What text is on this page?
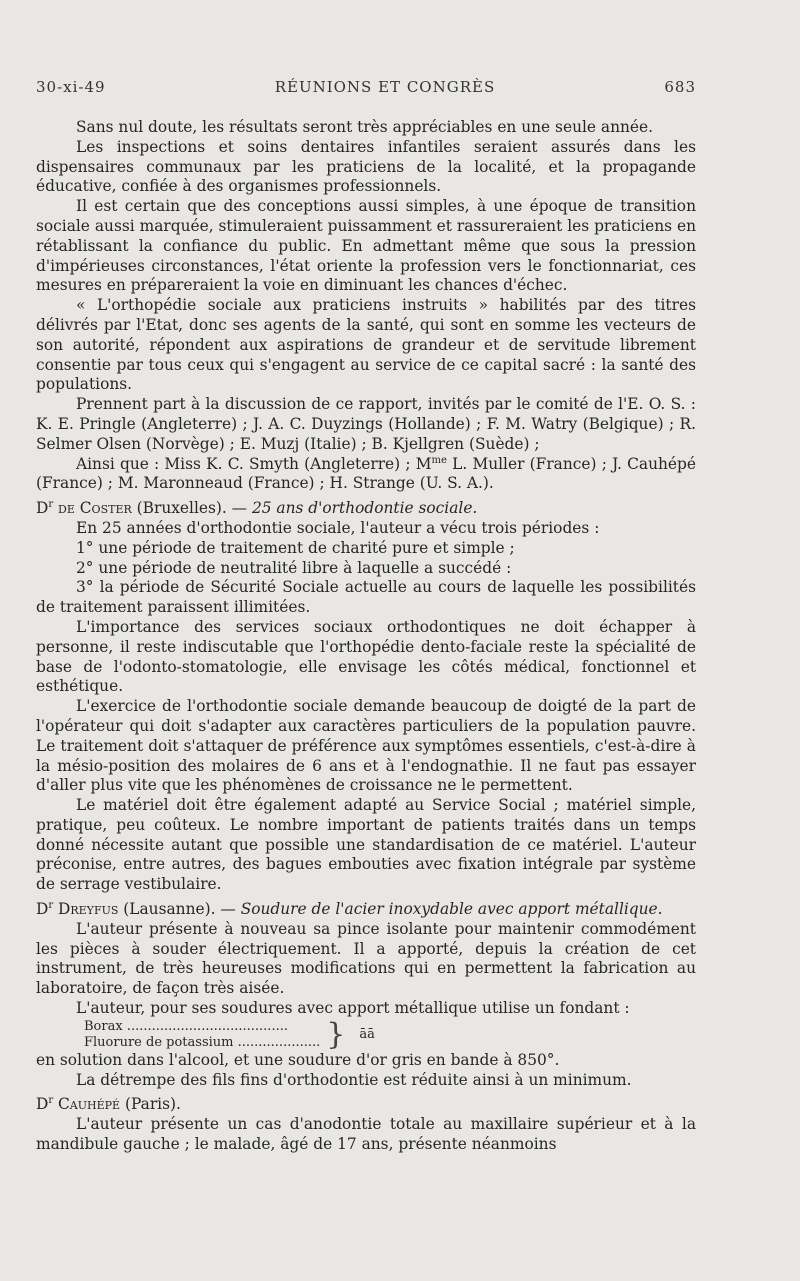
30-xi-49	RÉUNIONS ET CONGRÈS	683

Sans nul doute, les résultats seront très appréciables en une seule année.

Les inspections et soins dentaires infantiles seraient assurés dans les dispensaires communaux par les praticiens de la localité, et la propagande éducative, confiée à des organismes professionnels.

Il est certain que des conceptions aussi simples, à une époque de transition sociale aussi marquée, stimuleraient puissamment et rassureraient les praticiens en rétablissant la confiance du public. En admettant même que sous la pression d'impérieuses circonstances, l'état oriente la profession vers le fonctionnariat, ces mesures en prépareraient la voie en diminuant les chances d'échec.

« L'orthopédie sociale aux praticiens instruits » habilités par des titres délivrés par l'Etat, donc ses agents de la santé, qui sont en somme les vecteurs de son autorité, répondent aux aspirations de grandeur et de servitude librement consentie par tous ceux qui s'engagent au service de ce capital sacré : la santé des populations.

Prennent part à la discussion de ce rapport, invités par le comité de l'E. O. S. : K. E. Pringle (Angleterre) ; J. A. C. Duyzings (Hollande) ; F. M. Watry (Belgique) ; R. Selmer Olsen (Norvège) ; E. Muzj (Italie) ; B. Kjellgren (Suède) ;

Ainsi que : Miss K. C. Smyth (Angleterre) ; $M^{me}$ L. Muller (France) ; J. Cauhépé (France) ; M. Maronneaud (France) ; H. Strange (U. S. A.).

$D^r$ de Coster (Bruxelles). — 25 ans d'orthodontie sociale.

En 25 années d'orthodontie sociale, l'auteur a vécu trois périodes :

1° une période de traitement de charité pure et simple ;

2° une période de neutralité libre à laquelle a succédé :

3° la période de Sécurité Sociale actuelle au cours de laquelle les possibilités de traitement paraissent illimitées.

L'importance des services sociaux orthodontiques ne doit échapper à personne, il reste indiscutable que l'orthopédie dento-faciale reste la spécialité de base de l'odonto-stomatologie, elle envisage les côtés médical, fonctionnel et esthétique.

L'exercice de l'orthodontie sociale demande beaucoup de doigté de la part de l'opérateur qui doit s'adapter aux caractères particuliers de la population pauvre. Le traitement doit s'attaquer de préférence aux symptômes essentiels, c'est-à-dire à la mésio-position des molaires de 6 ans et à l'endognathie. Il ne faut pas essayer d'aller plus vite que les phénomènes de croissance ne le permettent.

Le matériel doit être également adapté au Service Social ; matériel simple, pratique, peu coûteux. Le nombre important de patients traités dans un temps donné nécessite autant que possible une standardisation de ce matériel. L'auteur préconise, entre autres, des bagues embouties avec fixation intégrale par système de serrage vestibulaire.

$D^r$ Dreyfus (Lausanne). — Soudure de l'acier inoxydable avec apport métallique.

L'auteur présente à nouveau sa pince isolante pour maintenir commodément les pièces à souder électriquement. Il a apporté, depuis la création de cet instrument, de très heureuses modifications qui en permettent la fabrication au laboratoire, de façon très aisée.

L'auteur, pour ses soudures avec apport métallique utilise un fondant :

Borax .......................................
Fluorure de potassium .................... } āā

en solution dans l'alcool, et une soudure d'or gris en bande à 850°.

La détrempe des fils fins d'orthodontie est réduite ainsi à un minimum.

$D^r$ Cauhépé (Paris).

L'auteur présente un cas d'anodontie totale au maxillaire supérieur et à la mandibule gauche ; le malade, âgé de 17 ans, présente néanmoins
